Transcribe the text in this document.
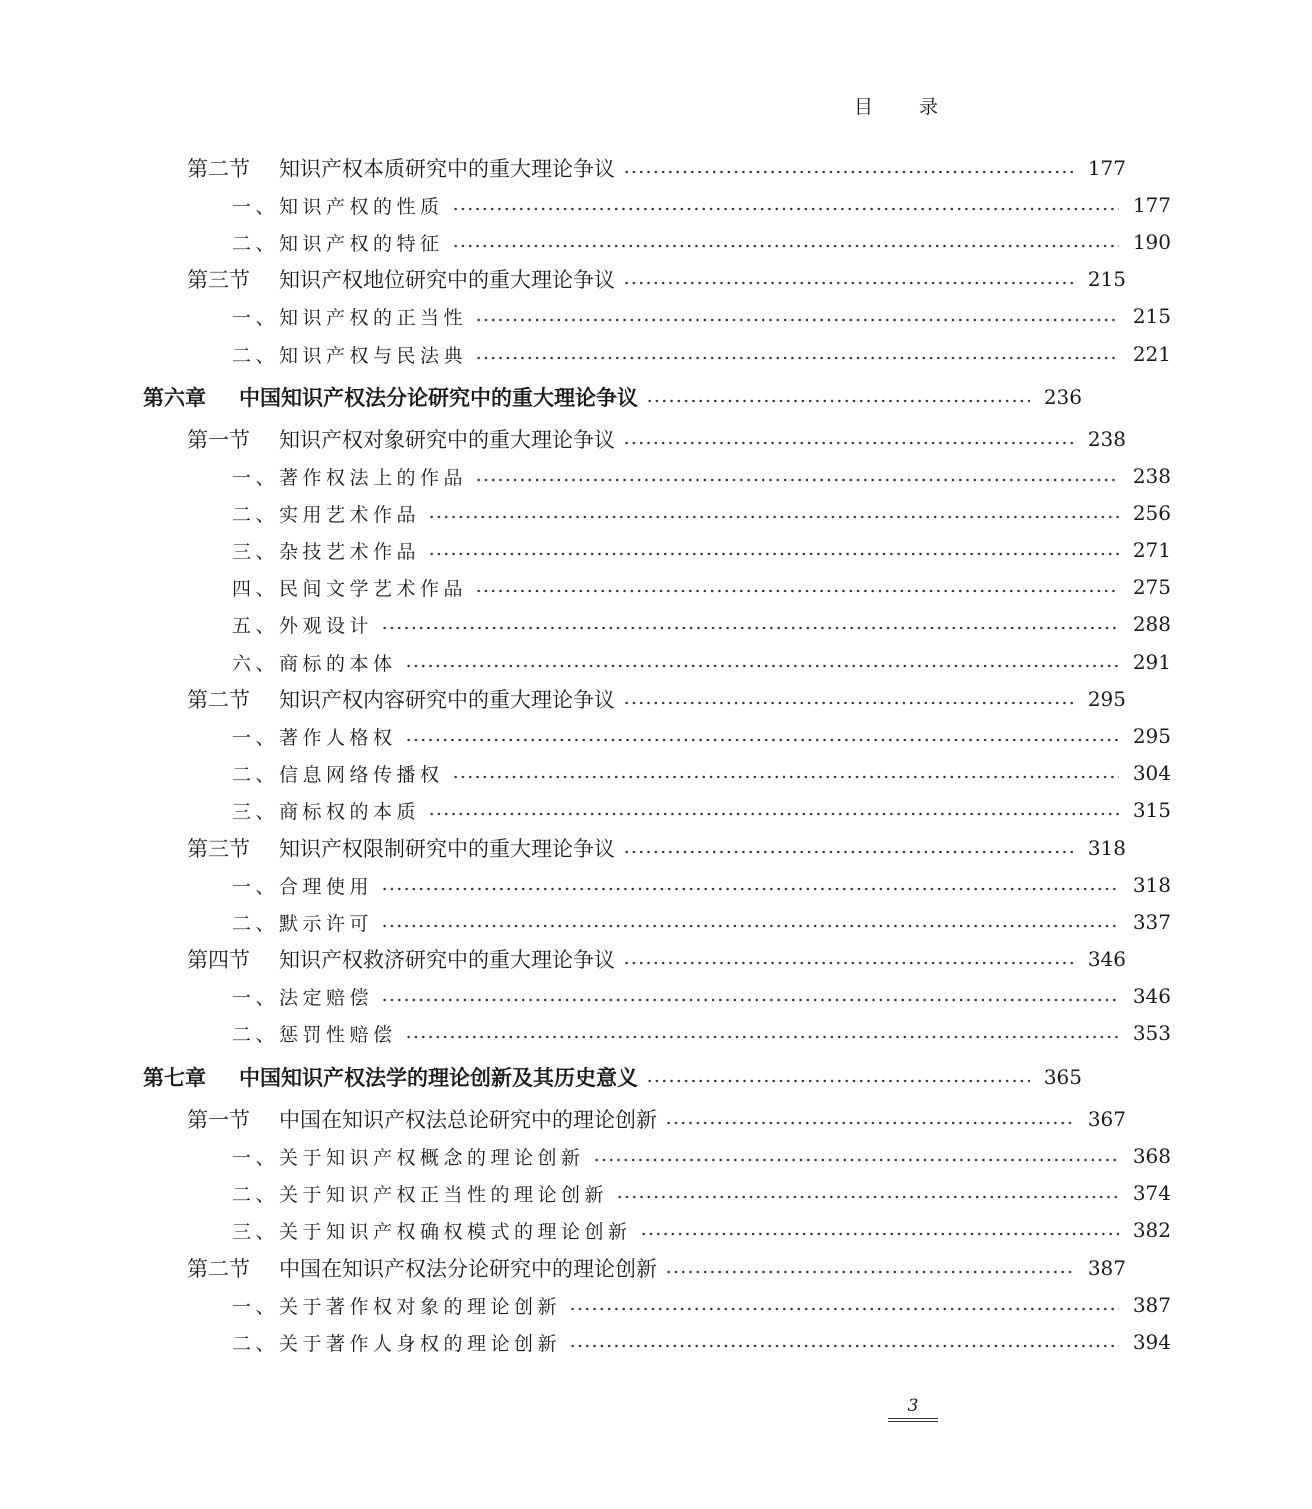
目 录
第二节 知识产权本质研究中的重大理论争议	177
一、知识产权的性质	177
二、知识产权的特征	190
第三节 知识产权地位研究中的重大理论争议	215
一、知识产权的正当性	215
二、知识产权与民法典	221
第六章 中国知识产权法分论研究中的重大理论争议	236
第一节 知识产权对象研究中的重大理论争议	238
一、著作权法上的作品	238
二、实用艺术作品	256
三、杂技艺术作品	271
四、民间文学艺术作品	275
五、外观设计	288
六、商标的本体	291
第二节 知识产权内容研究中的重大理论争议	295
一、著作人格权	295
二、信息网络传播权	304
三、商标权的本质	315
第三节 知识产权限制研究中的重大理论争议	318
一、合理使用	318
二、默示许可	337
第四节 知识产权救济研究中的重大理论争议	346
一、法定赔偿	346
二、惩罚性赔偿	353
第七章 中国知识产权法学的理论创新及其历史意义	365
第一节 中国在知识产权法总论研究中的理论创新	367
一、关于知识产权概念的理论创新	368
二、关于知识产权正当性的理论创新	374
三、关于知识产权确权模式的理论创新	382
第二节 中国在知识产权法分论研究中的理论创新	387
一、关于著作权对象的理论创新	387
二、关于著作人身权的理论创新	394
3
